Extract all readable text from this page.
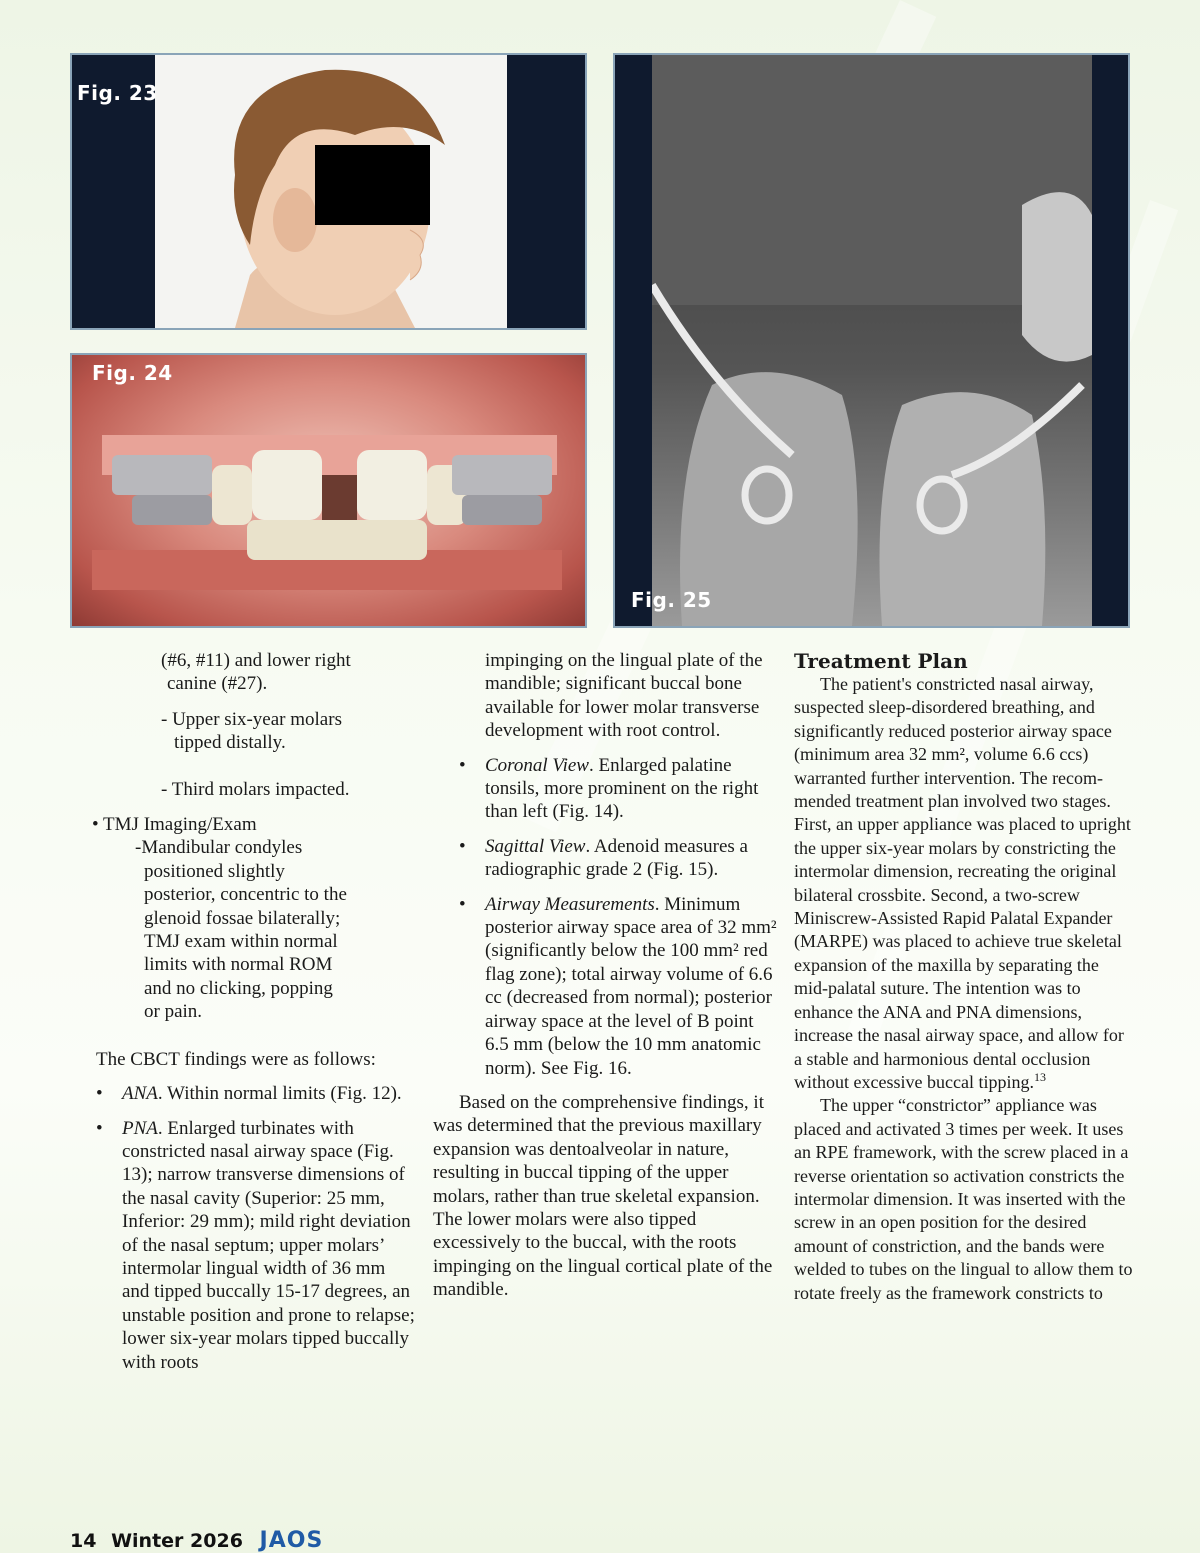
Fig. 23
Fig. 24
Fig. 25

(#6, #11) and lower right

canine (#27).

- Upper six-year molars

tipped distally.

- Third molars impacted.

• TMJ Imaging/Exam

-Mandibular condyles

positioned slightly

posterior, concentric to the

glenoid fossae bilaterally;

TMJ exam within normal

limits with normal ROM

and no clicking, popping

or pain.

The CBCT findings were as follows:

• ANA. Within normal limits (Fig. 12).

• PNA. Enlarged turbinates with constricted nasal airway space (Fig. 13); narrow transverse dimensions of the nasal cavity (Superior: 25 mm, Inferior: 29 mm); mild right deviation of the nasal septum; upper molars’ intermolar lingual width of 36 mm and tipped buccally 15-17 degrees, an unstable position and prone to relapse; lower six-year molars tipped buccally with roots

impinging on the lingual plate of the mandible; significant buccal bone available for lower molar transverse development with root control.

• Coronal View. Enlarged palatine tonsils, more prominent on the right than left (Fig. 14).

• Sagittal View. Adenoid measures a radiographic grade 2 (Fig. 15).

• Airway Measurements. Minimum posterior airway space area of 32 mm² (significantly below the 100 mm² red flag zone); total airway volume of 6.6 cc (decreased from normal); posterior airway space at the level of B point 6.5 mm (below the 10 mm anatomic norm). See Fig. 16.

Based on the comprehensive findings, it was determined that the previous maxillary expansion was dentoalveolar in nature, resulting in buccal tipping of the upper molars, rather than true skeletal expansion. The lower molars were also tipped excessively to the buccal, with the roots impinging on the lingual cortical plate of the mandible.

Treatment Plan

The patient's constricted nasal airway, suspected sleep-disordered breathing, and significantly reduced posterior airway space (minimum area 32 mm², volume 6.6 ccs) warranted further intervention. The recommended treatment plan involved two stages. First, an upper appliance was placed to upright the upper six-year molars by constricting the intermolar dimension, recreating the original bilateral crossbite. Second, a two-screw Miniscrew-Assisted Rapid Palatal Expander (MARPE) was placed to achieve true skeletal expansion of the maxilla by separating the mid-palatal suture. The intention was to enhance the ANA and PNA dimensions, increase the nasal airway space, and allow for a stable and harmonious dental occlusion without excessive buccal tipping.$^{13}$

The upper “constrictor” appliance was placed and activated 3 times per week. It uses an RPE framework, with the screw placed in a reverse orientation so activation constricts the intermolar dimension. It was inserted with the screw in an open position for the desired amount of constriction, and the bands were welded to tubes on the lingual to allow them to rotate freely as the framework constricts to

14 Winter 2026 JAOS
